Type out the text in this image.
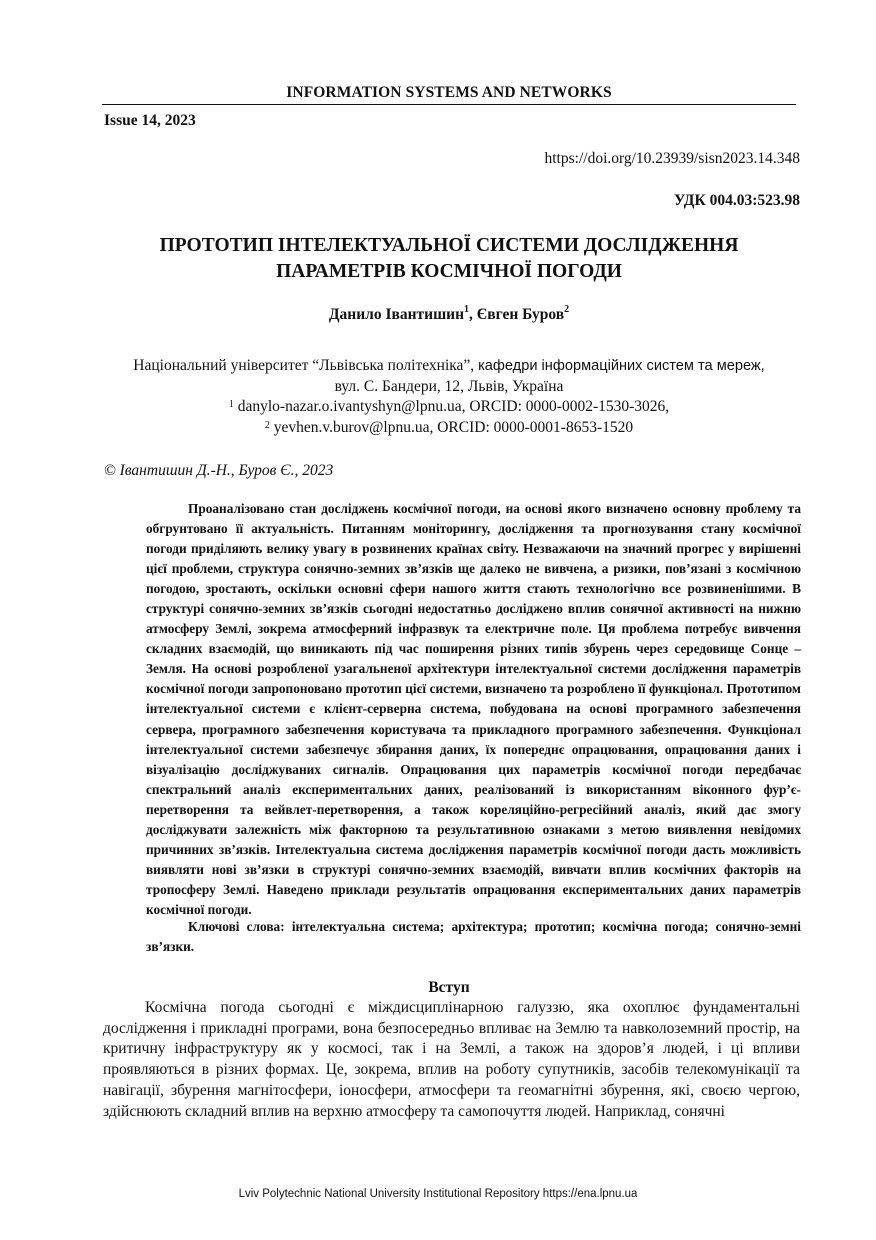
INFORMATION SYSTEMS AND NETWORKS
Issue 14, 2023
https://doi.org/10.23939/sisn2023.14.348
УДК 004.03:523.98
ПРОТОТИП ІНТЕЛЕКТУАЛЬНОЇ СИСТЕМИ ДОСЛІДЖЕННЯ
ПАРАМЕТРІВ КОСМІЧНОЇ ПОГОДИ
Данило Івантишин$^1$, Євген Буров$^2$
Національний університет “Львівська політехніка”, кафедри інформаційних систем та мереж,
вул. С. Бандери, 12, Львів, Україна
$^1$ danylo-nazar.o.ivantyshyn@lpnu.ua, ORCID: 0000-0002-1530-3026,
$^2$ yevhen.v.burov@lpnu.ua, ORCID: 0000-0001-8653-1520
© Івантишин Д.-Н., Буров Є., 2023

Проаналізовано стан досліджень космічної погоди, на основі якого визначено основну проблему та обгрунтовано її актуальність. Питанням моніторингу, дослідження та прогнозування стану космічної погоди приділяють велику увагу в розвинених країнах світу. Незважаючи на значний прогрес у вирішенні цієї проблеми, структура сонячно-земних зв’язків ще далеко не вивчена, а ризики, пов’язані з космічною погодою, зростають, оскільки основні сфери нашого життя стають технологічно все розвиненішими. В структурі сонячно-земних зв’язків сьогодні недостатньо досліджено вплив сонячної активності на нижню атмосферу Землі, зокрема атмосферний інфразвук та електричне поле. Ця проблема потребує вивчення складних взаємодій, що виникають під час поширення різних типів збурень через середовище Сонце – Земля. На основі розробленої узагальненої архітектури інтелектуальної системи дослідження параметрів космічної погоди запропоновано прототип цієї системи, визначено та розроблено її функціонал. Прототипом інтелектуальної системи є клієнт-серверна система, побудована на основі програмного забезпечення сервера, програмного забезпечення користувача та прикладного програмного забезпечення. Функціонал інтелектуальної системи забезпечує збирання даних, їх попереднє опрацювання, опрацювання даних і візуалізацію досліджуваних сигналів. Опрацювання цих параметрів космічної погоди передбачає спектральний аналіз експериментальних даних, реалізований із використанням віконного фур’є-перетворення та вейвлет-перетворення, а також кореляційно-регресійний аналіз, який дає змогу досліджувати залежність між факторною та результативною ознаками з метою виявлення невідомих причинних зв’язків. Інтелектуальна система дослідження параметрів космічної погоди дасть можливість виявляти нові зв’язки в структурі сонячно-земних взаємодій, вивчати вплив космічних факторів на тропосферу Землі. Наведено приклади результатів опрацювання експериментальних даних параметрів космічної погоди.

Ключові слова: інтелектуальна система; архітектура; прототип; космічна погода; сонячно-земні зв’язки.

Вступ

Космічна погода сьогодні є міждисциплінарною галуззю, яка охоплює фундаментальні дослідження і прикладні програми, вона безпосередньо впливає на Землю та навколоземний простір, на критичну інфраструктуру як у космосі, так і на Землі, а також на здоров’я людей, і ці впливи проявляються в різних формах. Це, зокрема, вплив на роботу супутників, засобів телекомунікації та навігації, збурення магнітосфери, іоносфери, атмосфери та геомагнітні збурення, які, своєю чергою, здійснюють складний вплив на верхню атмосферу та самопочуття людей. Наприклад, сонячні

Lviv Polytechnic National University Institutional Repository https://ena.lpnu.ua
